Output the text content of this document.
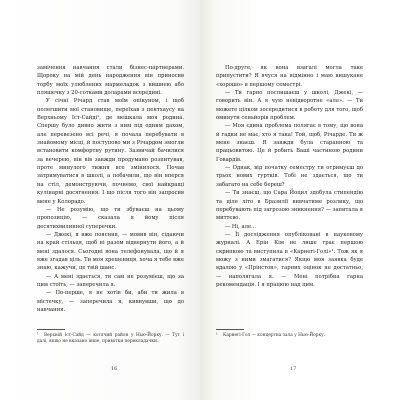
замічення навчання стали бізнес-партнерами. Щороку на мій день народження він приносив торбу моїх улюблених мармеладок з вишнею або пляшечку з 20-сотками доларами всередині.

У січні Річард став моїм опікуном, і щоб полегшити мої становище, переїхав з пентхаусу на Верхньому Іст-Сайді¹, де мешкала моя родина. Спершу було дивно жити з ним під одним дахом, але перевезено всі речі, я почала перебувати в знайомому місці, й поступово ми з Річардом змогли встановити комфортну рутину. Зазвичай бачилися за вечерею, він вів завжди продумано розпитував, проте минулого тижня все змінилося. Почав затримуватися в школі, а побачили, що він вперся на стіл, демонструючи, почнемо, свої найкращі кулінарні досягнення. І що після того він запросив мене у Колорадо.

— Не розумію, що ти збуваєш на цьому пропозицію, — сказала я йому після десятихвилинної суперечки.

— Джекі, я вже пояснив, — мовив він, сідаючи на край стільця, щоб ні разом відвернути його, а й мені здалося. Сьогодні вона телефонувала, що й я вже згадав ціль. Ти моя хрещениця, хоча я тебе вже знаю, кажучи, це твій шанс.

— А мені здається, ти сам не розумієш, що за цим стоїть, — заперечила я.

— По-перше, я не хотів би, аби ти жила в містечку, — заперечила я, кивнувши, що до навчання.

¹ Верхній Іст-Сайд — котячий район у Нью-Йорку. — Тут і далі, якщо не вказано інше, примітки перекладачки.

16

По-друге, як вона взагалі могла таке припустити? Я вчуся на відмінно і маю вишукане «хорошо» в першому семестрі.

— Ти гарно поспишаєш у школі, Джекі, — говорить він. А я чую невідворотне «але». — Ти можете цілком зосередитися в роботу для того, щоб оминути сеньйорів проблем.

— Моя єдина проблема полягає в тому, що вона й гадки не має, хто я така! Той, щоб, Річарде. Ти ж мене знаєш. Я завжди була старанною та працьовитою. Це й робить Ваші частиною родини Говардів.

— Однак, від початку семестру ти отримуєш до трьох нових гуртків. Тобі не здається, що ти забагато на себе береш?

— Ти знаєш, що Сара Йоцил здобула стипендію та ціле літо в Бразилії вивчатиме розлику, що перебувають під загрозою зникнення? — запитала я миттєво.

— Ні, але...

— Її дослідження опубліковані в науковому журналі. А Ерін Кім не лише грає першою скрипкою та виступила в «Карнегі-Голі»¹. Тож як я можу з ними змагатися? Якщо моя заявка буде вдалою у «Прінстон», гарних оцінок не достатньо, — наполягала я. — Мені потрібна гарна рекомендація. І я працюю над цим.

¹ Карнегі-Гол — концертна зала у Нью-Йорку.

17
